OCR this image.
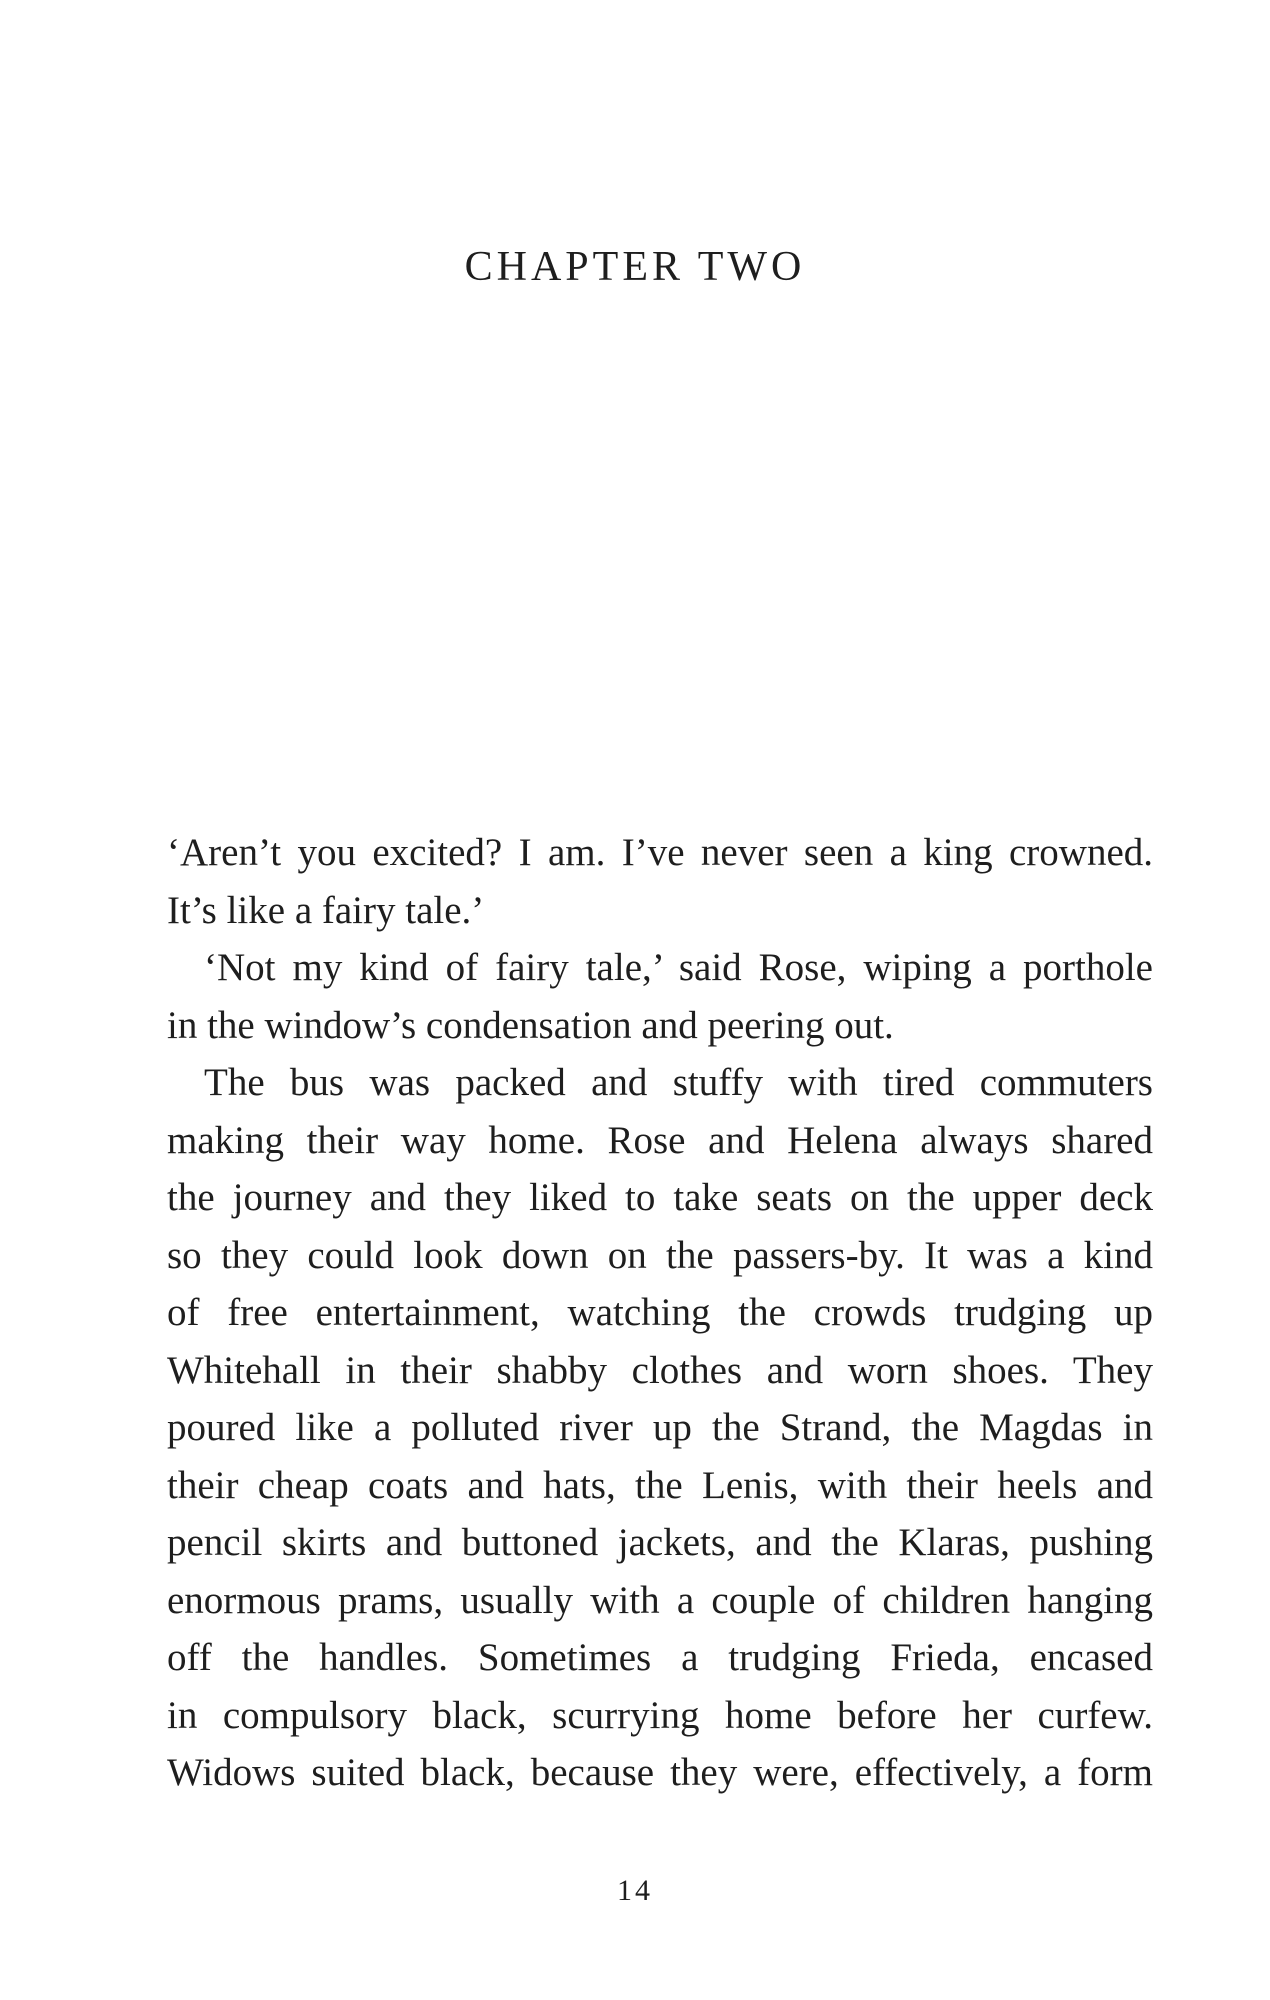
CHAPTER TWO
‘Aren’t you excited? I am. I’ve never seen a king crowned.
It’s like a fairy tale.’
‘Not my kind of fairy tale,’ said Rose, wiping a porthole
in the window’s condensation and peering out.
The bus was packed and stuffy with tired commuters
making their way home. Rose and Helena always shared
the journey and they liked to take seats on the upper deck
so they could look down on the passers-by. It was a kind
of free entertainment, watching the crowds trudging up
Whitehall in their shabby clothes and worn shoes. They
poured like a polluted river up the Strand, the Magdas in
their cheap coats and hats, the Lenis, with their heels and
pencil skirts and buttoned jackets, and the Klaras, pushing
enormous prams, usually with a couple of children hanging
off the handles. Sometimes a trudging Frieda, encased
in compulsory black, scurrying home before her curfew.
Widows suited black, because they were, effectively, a form
14
